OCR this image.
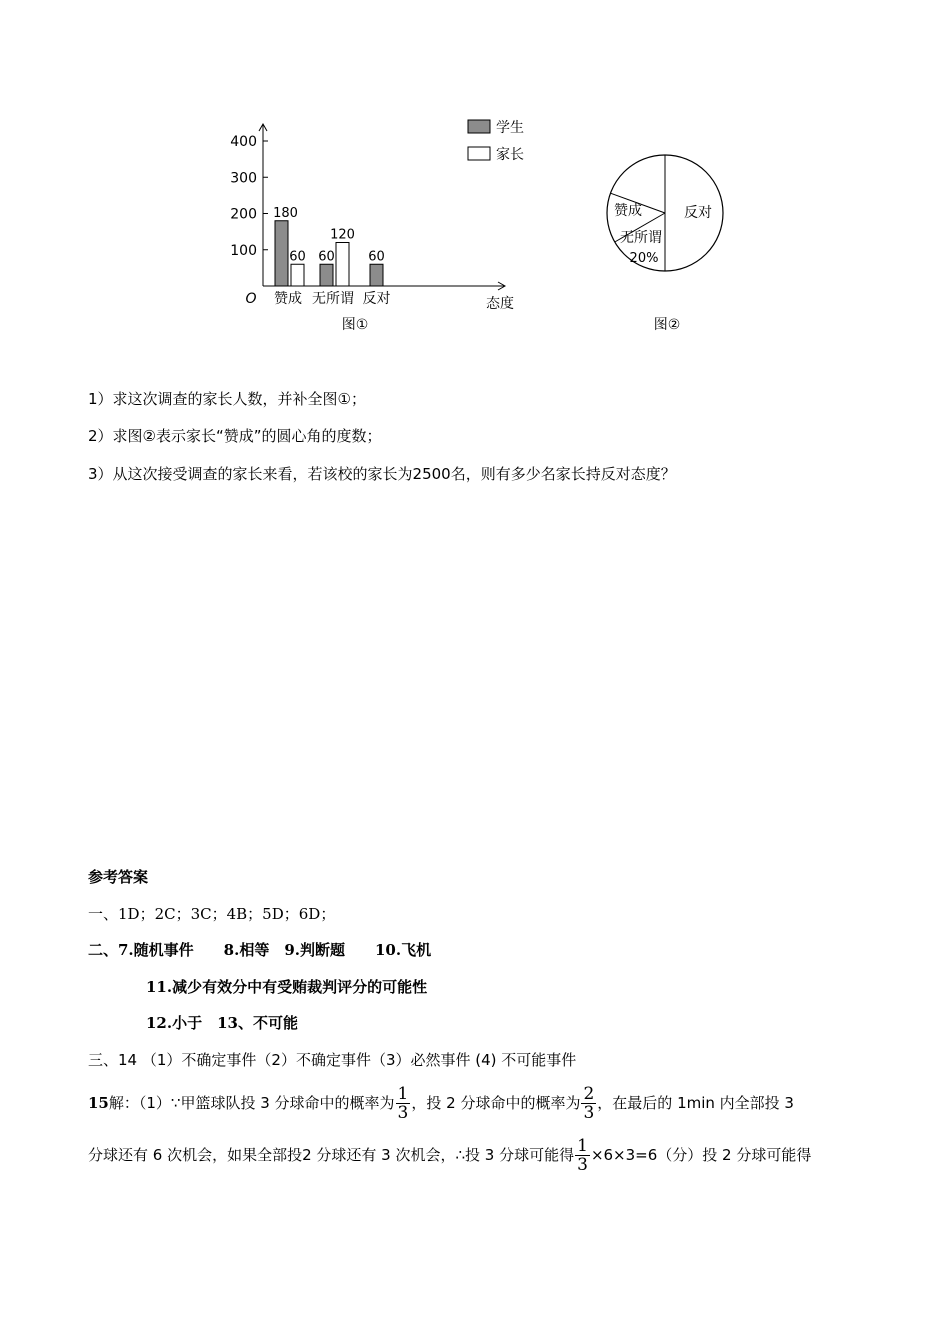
100
200
300
400
O	态度
图①
赞成 无所谓 反对
180
60	60
60
120
学生
家长
赞成
无所谓
20%
反对
图②
1）求这次调查的家长人数，并补全图①；
2）求图②表示家长“赞成”的圆心角的度数；
3）从这次接受调查的家长来看，若该校的家长为2500名，则有多少名家长持反对态度？
参考答案
一、1D；2C；3C；4B；5D；6D；
二、7.随机事件　　8.相等　9.判断题　　10.飞机
11.减少有效分中有受贿裁判评分的可能性
12.小于　13、不可能
三、14 （1）不确定事件（2）不确定事件（3）必然事件 (4) 不可能事件
15解：（1）∵甲篮球队投 3 分球命中的概率为 $\frac{1}{3}$ ，投 2 分球命中的概率为 $\frac{2}{3}$ ，在最后的 1min 内全部投 3
分球还有 6 次机会，如果全部投2 分球还有 3 次机会，∴投 3 分球可能得 $\frac{1}{3} \times 6\times 3=6$（分）投 2 分球可能得
